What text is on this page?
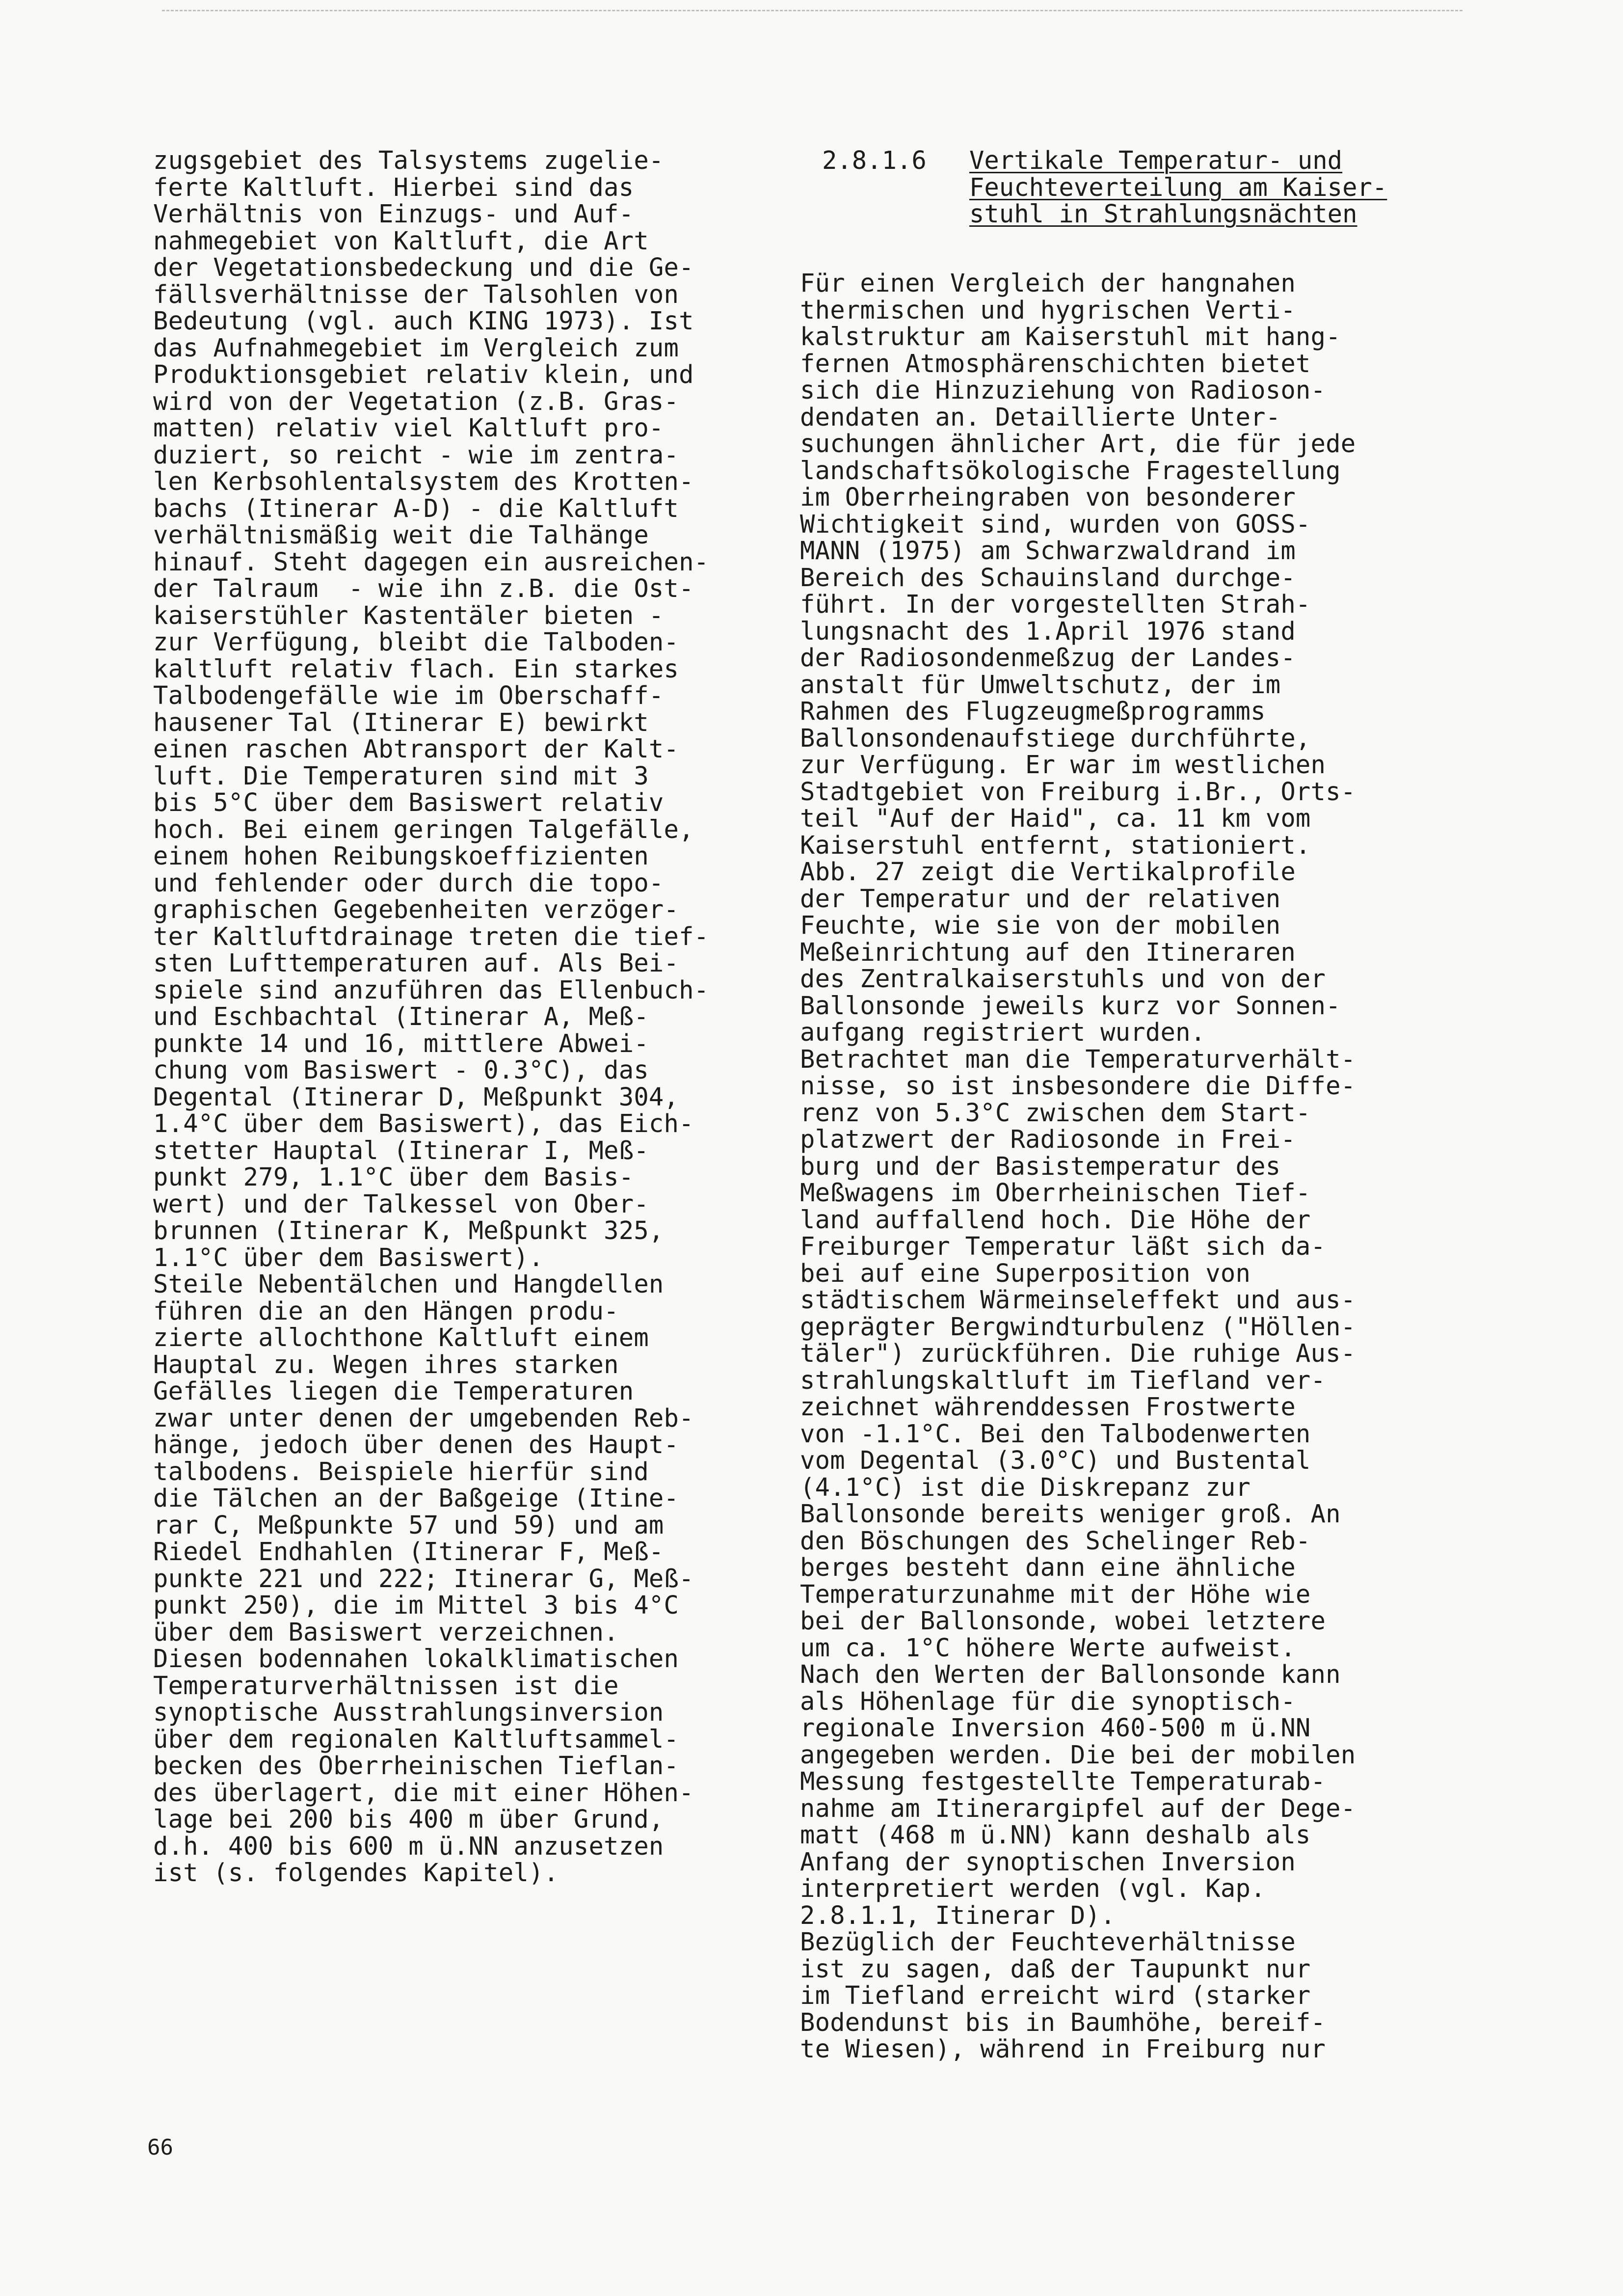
zugsgebiet des Talsystems zugelie-
ferte Kaltluft. Hierbei sind das
Verhältnis von Einzugs- und Auf-
nahmegebiet von Kaltluft, die Art
der Vegetationsbedeckung und die Ge-
fällsverhältnisse der Talsohlen von
Bedeutung (vgl. auch KING 1973). Ist
das Aufnahmegebiet im Vergleich zum
Produktionsgebiet relativ klein, und
wird von der Vegetation (z.B. Gras-
matten) relativ viel Kaltluft pro-
duziert, so reicht - wie im zentra-
len Kerbsohlentalsystem des Krotten-
bachs (Itinerar A-D) - die Kaltluft
verhältnismäßig weit die Talhänge
hinauf. Steht dagegen ein ausreichen-
der Talraum  - wie ihn z.B. die Ost-
kaiserstühler Kastentäler bieten -
zur Verfügung, bleibt die Talboden-
kaltluft relativ flach. Ein starkes
Talbodengefälle wie im Oberschaff-
hausener Tal (Itinerar E) bewirkt
einen raschen Abtransport der Kalt-
luft. Die Temperaturen sind mit 3
bis 5°C über dem Basiswert relativ
hoch. Bei einem geringen Talgefälle,
einem hohen Reibungskoeffizienten
und fehlender oder durch die topo-
graphischen Gegebenheiten verzöger-
ter Kaltluftdrainage treten die tief-
sten Lufttemperaturen auf. Als Bei-
spiele sind anzuführen das Ellenbuch-
und Eschbachtal (Itinerar A, Meß-
punkte 14 und 16, mittlere Abwei-
chung vom Basiswert - 0.3°C), das
Degental (Itinerar D, Meßpunkt 304,
1.4°C über dem Basiswert), das Eich-
stetter Hauptal (Itinerar I, Meß-
punkt 279, 1.1°C über dem Basis-
wert) und der Talkessel von Ober-
brunnen (Itinerar K, Meßpunkt 325,
1.1°C über dem Basiswert).
Steile Nebentälchen und Hangdellen
führen die an den Hängen produ-
zierte allochthone Kaltluft einem
Hauptal zu. Wegen ihres starken
Gefälles liegen die Temperaturen
zwar unter denen der umgebenden Reb-
hänge, jedoch über denen des Haupt-
talbodens. Beispiele hierfür sind
die Tälchen an der Baßgeige (Itine-
rar C, Meßpunkte 57 und 59) und am
Riedel Endhahlen (Itinerar F, Meß-
punkte 221 und 222; Itinerar G, Meß-
punkt 250), die im Mittel 3 bis 4°C
über dem Basiswert verzeichnen.
Diesen bodennahen lokalklimatischen
Temperaturverhältnissen ist die
synoptische Ausstrahlungsinversion
über dem regionalen Kaltluftsammel-
becken des Oberrheinischen Tieflan-
des überlagert, die mit einer Höhen-
lage bei 200 bis 400 m über Grund,
d.h. 400 bis 600 m ü.NN anzusetzen
ist (s. folgendes Kapitel).
2.8.1.6 Vertikale Temperatur- und
Feuchteverteilung am Kaiser-
stuhl in Strahlungsnächten
Für einen Vergleich der hangnahen
thermischen und hygrischen Verti-
kalstruktur am Kaiserstuhl mit hang-
fernen Atmosphärenschichten bietet
sich die Hinzuziehung von Radioson-
dendaten an. Detaillierte Unter-
suchungen ähnlicher Art, die für jede
landschaftsökologische Fragestellung
im Oberrheingraben von besonderer
Wichtigkeit sind, wurden von GOSS-
MANN (1975) am Schwarzwaldrand im
Bereich des Schauinsland durchge-
führt. In der vorgestellten Strah-
lungsnacht des 1.April 1976 stand
der Radiosondenmeßzug der Landes-
anstalt für Umweltschutz, der im
Rahmen des Flugzeugmeßprogramms
Ballonsondenaufstiege durchführte,
zur Verfügung. Er war im westlichen
Stadtgebiet von Freiburg i.Br., Orts-
teil "Auf der Haid", ca. 11 km vom
Kaiserstuhl entfernt, stationiert.
Abb. 27 zeigt die Vertikalprofile
der Temperatur und der relativen
Feuchte, wie sie von der mobilen
Meßeinrichtung auf den Itineraren
des Zentralkaiserstuhls und von der
Ballonsonde jeweils kurz vor Sonnen-
aufgang registriert wurden.
Betrachtet man die Temperaturverhält-
nisse, so ist insbesondere die Diffe-
renz von 5.3°C zwischen dem Start-
platzwert der Radiosonde in Frei-
burg und der Basistemperatur des
Meßwagens im Oberrheinischen Tief-
land auffallend hoch. Die Höhe der
Freiburger Temperatur läßt sich da-
bei auf eine Superposition von
städtischem Wärmeinseleffekt und aus-
geprägter Bergwindturbulenz ("Höllen-
täler") zurückführen. Die ruhige Aus-
strahlungskaltluft im Tiefland ver-
zeichnet währenddessen Frostwerte
von -1.1°C. Bei den Talbodenwerten
vom Degental (3.0°C) und Bustental
(4.1°C) ist die Diskrepanz zur
Ballonsonde bereits weniger groß. An
den Böschungen des Schelinger Reb-
berges besteht dann eine ähnliche
Temperaturzunahme mit der Höhe wie
bei der Ballonsonde, wobei letztere
um ca. 1°C höhere Werte aufweist.
Nach den Werten der Ballonsonde kann
als Höhenlage für die synoptisch-
regionale Inversion 460-500 m ü.NN
angegeben werden. Die bei der mobilen
Messung festgestellte Temperaturab-
nahme am Itinerargipfel auf der Dege-
matt (468 m ü.NN) kann deshalb als
Anfang der synoptischen Inversion
interpretiert werden (vgl. Kap.
2.8.1.1, Itinerar D).
Bezüglich der Feuchteverhältnisse
ist zu sagen, daß der Taupunkt nur
im Tiefland erreicht wird (starker
Bodendunst bis in Baumhöhe, bereif-
te Wiesen), während in Freiburg nur
66
